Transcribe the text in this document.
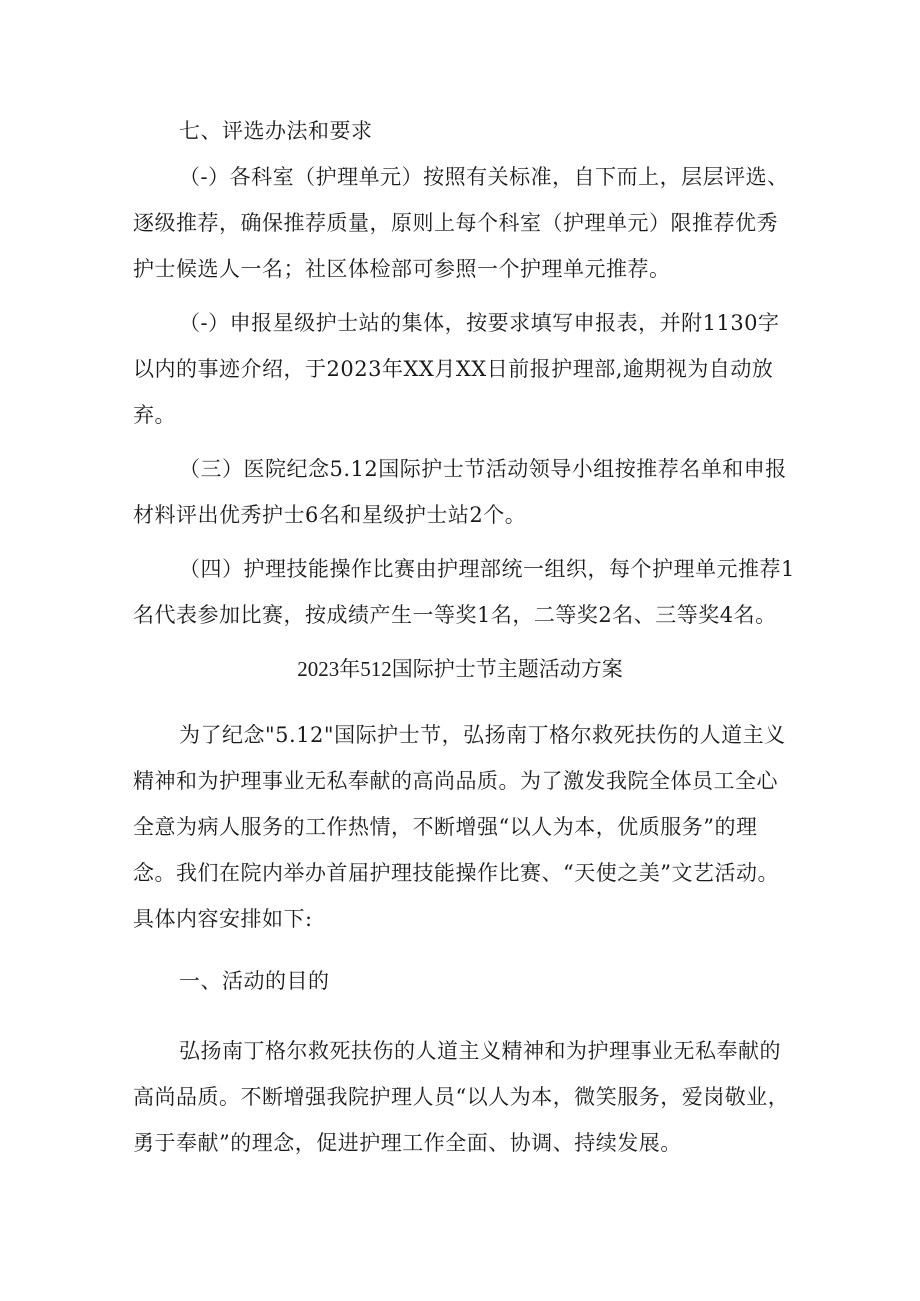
七、评选办法和要求

（-）各科室（护理单元）按照有关标准，自下而上，层层评选、逐级推荐，确保推荐质量，原则上每个科室（护理单元）限推荐优秀护士候选人一名；社区体检部可参照一个护理单元推荐。

（-）申报星级护士站的集体，按要求填写申报表，并附1130字以内的事迹介绍，于2023年XX月XX日前报护理部,逾期视为自动放弃。

（三）医院纪念5.12国际护士节活动领导小组按推荐名单和申报材料评出优秀护士6名和星级护士站2个。

（四）护理技能操作比赛由护理部统一组织，每个护理单元推荐1名代表参加比赛，按成绩产生一等奖1名，二等奖2名、三等奖4名。

2023年512国际护士节主题活动方案

为了纪念"5.12"国际护士节，弘扬南丁格尔救死扶伤的人道主义精神和为护理事业无私奉献的高尚品质。为了激发我院全体员工全心全意为病人服务的工作热情，不断增强“以人为本，优质服务”的理念。我们在院内举办首届护理技能操作比赛、“天使之美”文艺活动。具体内容安排如下:

一、活动的目的

弘扬南丁格尔救死扶伤的人道主义精神和为护理事业无私奉献的高尚品质。不断增强我院护理人员“以人为本，微笑服务，爱岗敬业，勇于奉献”的理念，促进护理工作全面、协调、持续发展。
